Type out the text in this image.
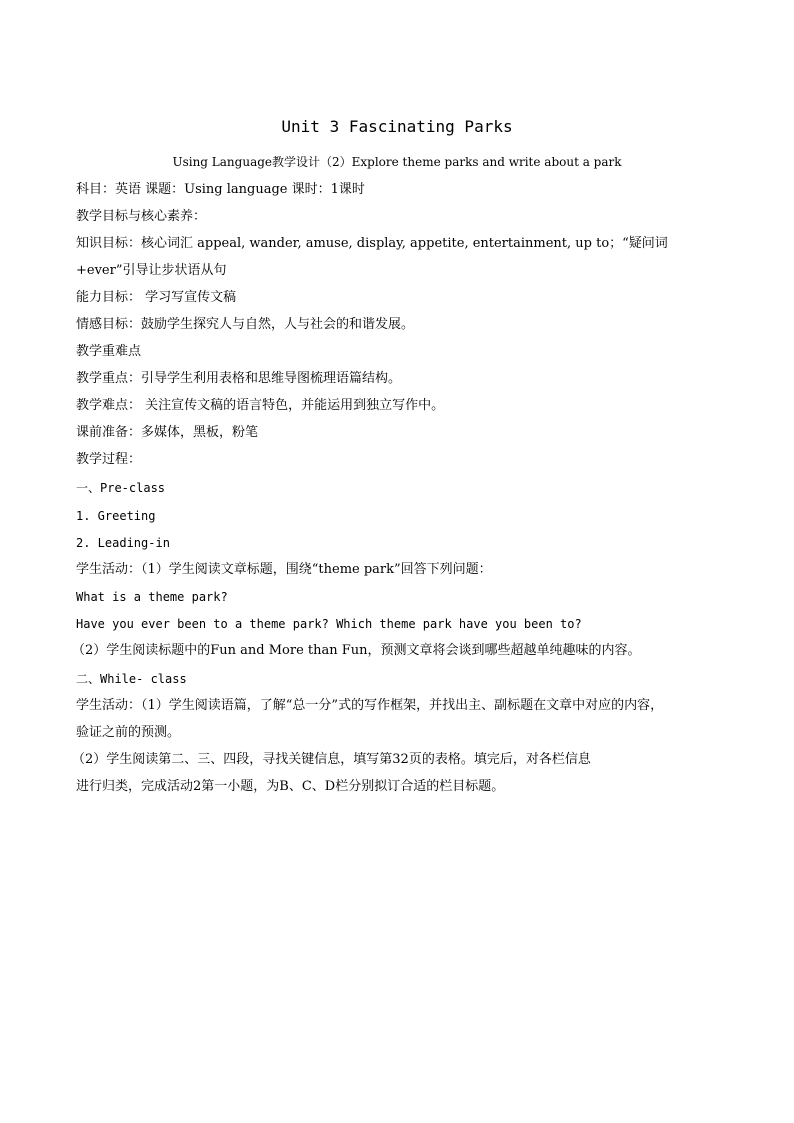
Unit 3 Fascinating Parks
Using Language教学设计（2）Explore theme parks and write about a park
科目：英语 课题：Using language 课时：1课时
教学目标与核心素养：
知识目标：核心词汇 appeal, wander, amuse, display, appetite, entertainment, up to；“疑问词
+ever”引导让步状语从句
能力目标： 学习写宣传文稿
情感目标：鼓励学生探究人与自然，人与社会的和谐发展。
教学重难点
教学重点：引导学生利用表格和思维导图梳理语篇结构。
教学难点： 关注宣传文稿的语言特色，并能运用到独立写作中。
课前准备：多媒体，黑板，粉笔
教学过程：
一、Pre-class
1. Greeting
2. Leading-in
学生活动：（1）学生阅读文章标题，围绕“theme park”回答下列问题：
What is a theme park?
Have you ever been to a theme park? Which theme park have you been to?
（2）学生阅读标题中的Fun and More than Fun，预测文章将会谈到哪些超越单纯趣味的内容。
二、While- class
学生活动：（1）学生阅读语篇，了解“总一分”式的写作框架，并找出主、副标题在文章中对应的内容，
验证之前的预测。
（2）学生阅读第二、三、四段，寻找关键信息，填写第32页的表格。填完后，对各栏信息
进行归类，完成活动2第一小题，为B、C、D栏分别拟订合适的栏目标题。
